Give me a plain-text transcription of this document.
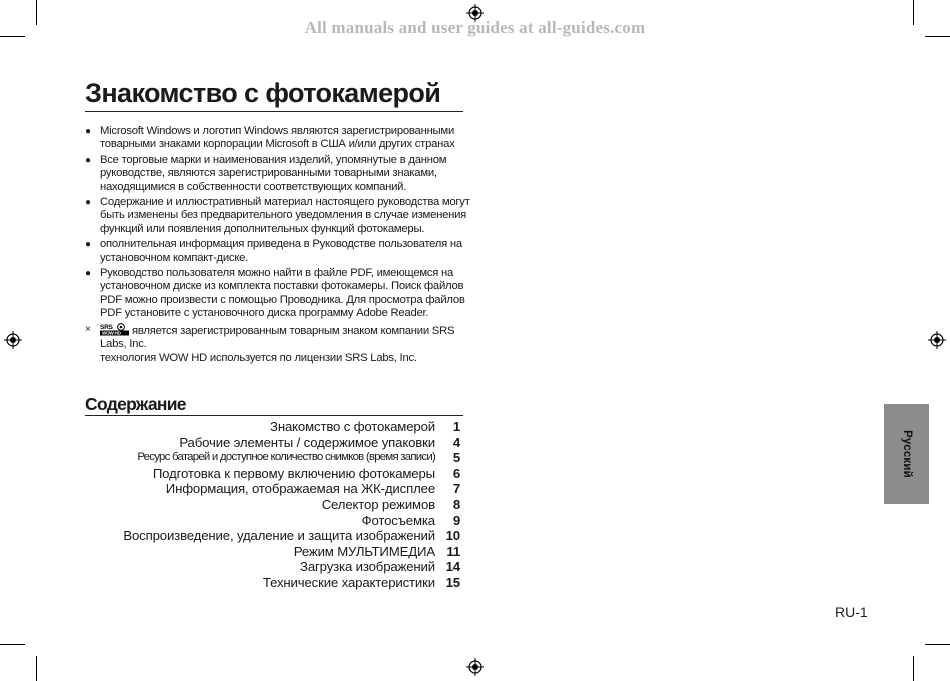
All manuals and user guides at all-guides.com
Знакомство с фотокамерой
● Microsoft Windows и логотип Windows являются зарегистрированными товарными знаками корпорации Microsoft в США и/или других странах
● Все торговые марки и наименования изделий, упомянутые в данном руководстве, являются зарегистрированными товарными знаками, находящимися в собственности соответствующих компаний.
● Содержание и иллюстративный материал настоящего руководства могут быть изменены без предварительного уведомления в случае изменения функций или появления дополнительных функций фотокамеры.
● ополнительная информация приведена в Руководстве пользователя на установочном компакт-диске.
● Руководство пользователя можно найти в файле PDF, имеющемся на установочном диске из комплекта поставки фотокамеры. Поиск файлов PDF можно произвести с помощью Проводника. Для просмотра файлов PDF установите с установочного диска программу Adobe Reader.
×	SRS
WOW HD является зарегистрированным товарным знаком компании SRS Labs, Inc.
технология WOW HD используется по лицензии SRS Labs, Inc.
Содержание
Знакомство с фотокамерой	1
Рабочие элементы / содержимое упаковки	4
Ресурс батарей и доступное количество снимков (время записи)	5
Подготовка к первому включению фотокамеры	6
Информация, отображаемая на ЖК-дисплее	7
Селектор режимов	8
Фотосъемка	9
Воспроизведение, удаление и защита изображений 10
Режим МУЛЬТИМЕДИА 11
Загрузка изображений 14
Технические характеристики 15
Русский
RU-1
